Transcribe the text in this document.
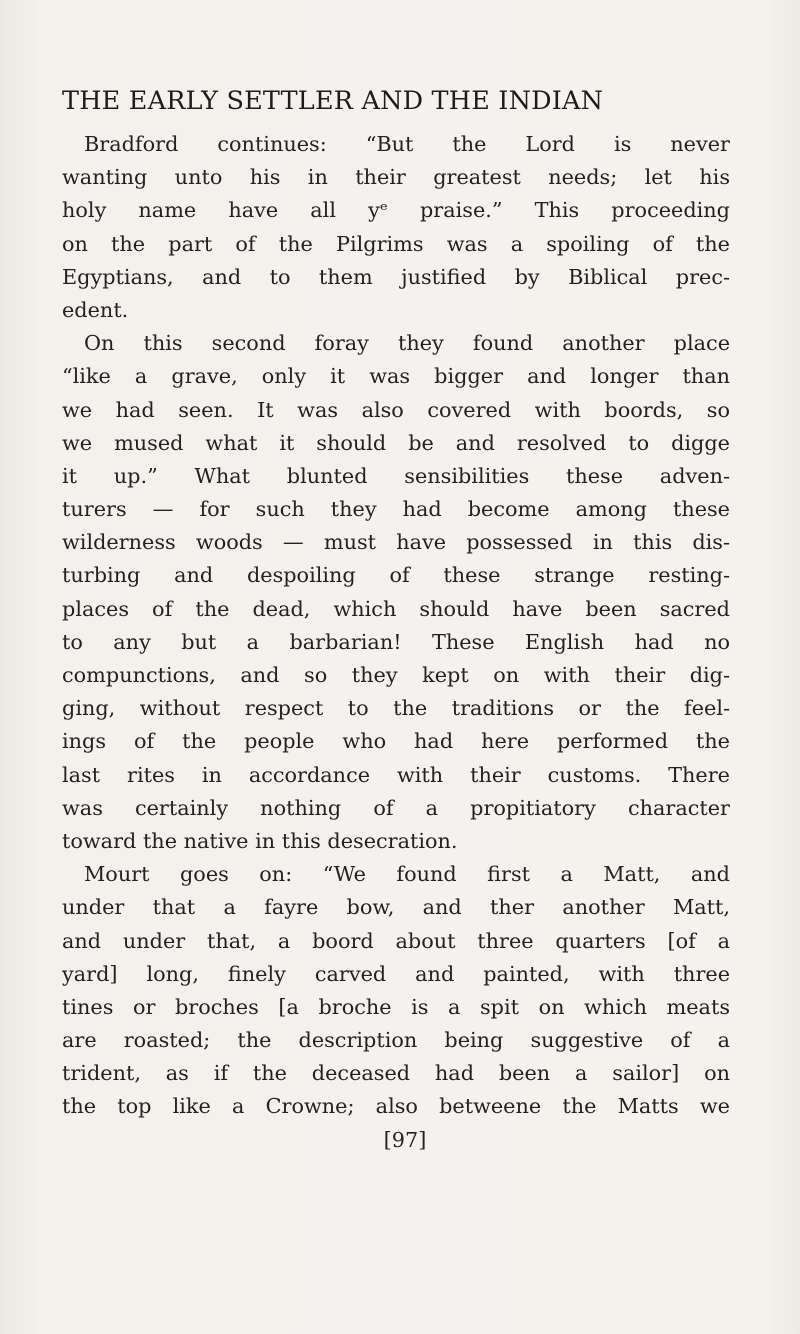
THE EARLY SETTLER AND THE INDIAN
Bradford continues: “But the Lord is never
wanting unto his in their greatest needs; let his
holy name have all yᵉ praise.” This proceeding
on the part of the Pilgrims was a spoiling of the
Egyptians, and to them justified by Biblical prec-
edent.
On this second foray they found another place
“like a grave, only it was bigger and longer than
we had seen. It was also covered with boords, so
we mused what it should be and resolved to digge
it up.” What blunted sensibilities these adven-
turers — for such they had become among these
wilderness woods — must have possessed in this dis-
turbing and despoiling of these strange resting-
places of the dead, which should have been sacred
to any but a barbarian! These English had no
compunctions, and so they kept on with their dig-
ging, without respect to the traditions or the feel-
ings of the people who had here performed the
last rites in accordance with their customs. There
was certainly nothing of a propitiatory character
toward the native in this desecration.
Mourt goes on: “We found first a Matt, and
under that a fayre bow, and ther another Matt,
and under that, a boord about three quarters [of a
yard] long, finely carved and painted, with three
tines or broches [a broche is a spit on which meats
are roasted; the description being suggestive of a
trident, as if the deceased had been a sailor] on
the top like a Crowne; also betweene the Matts we
[97]
